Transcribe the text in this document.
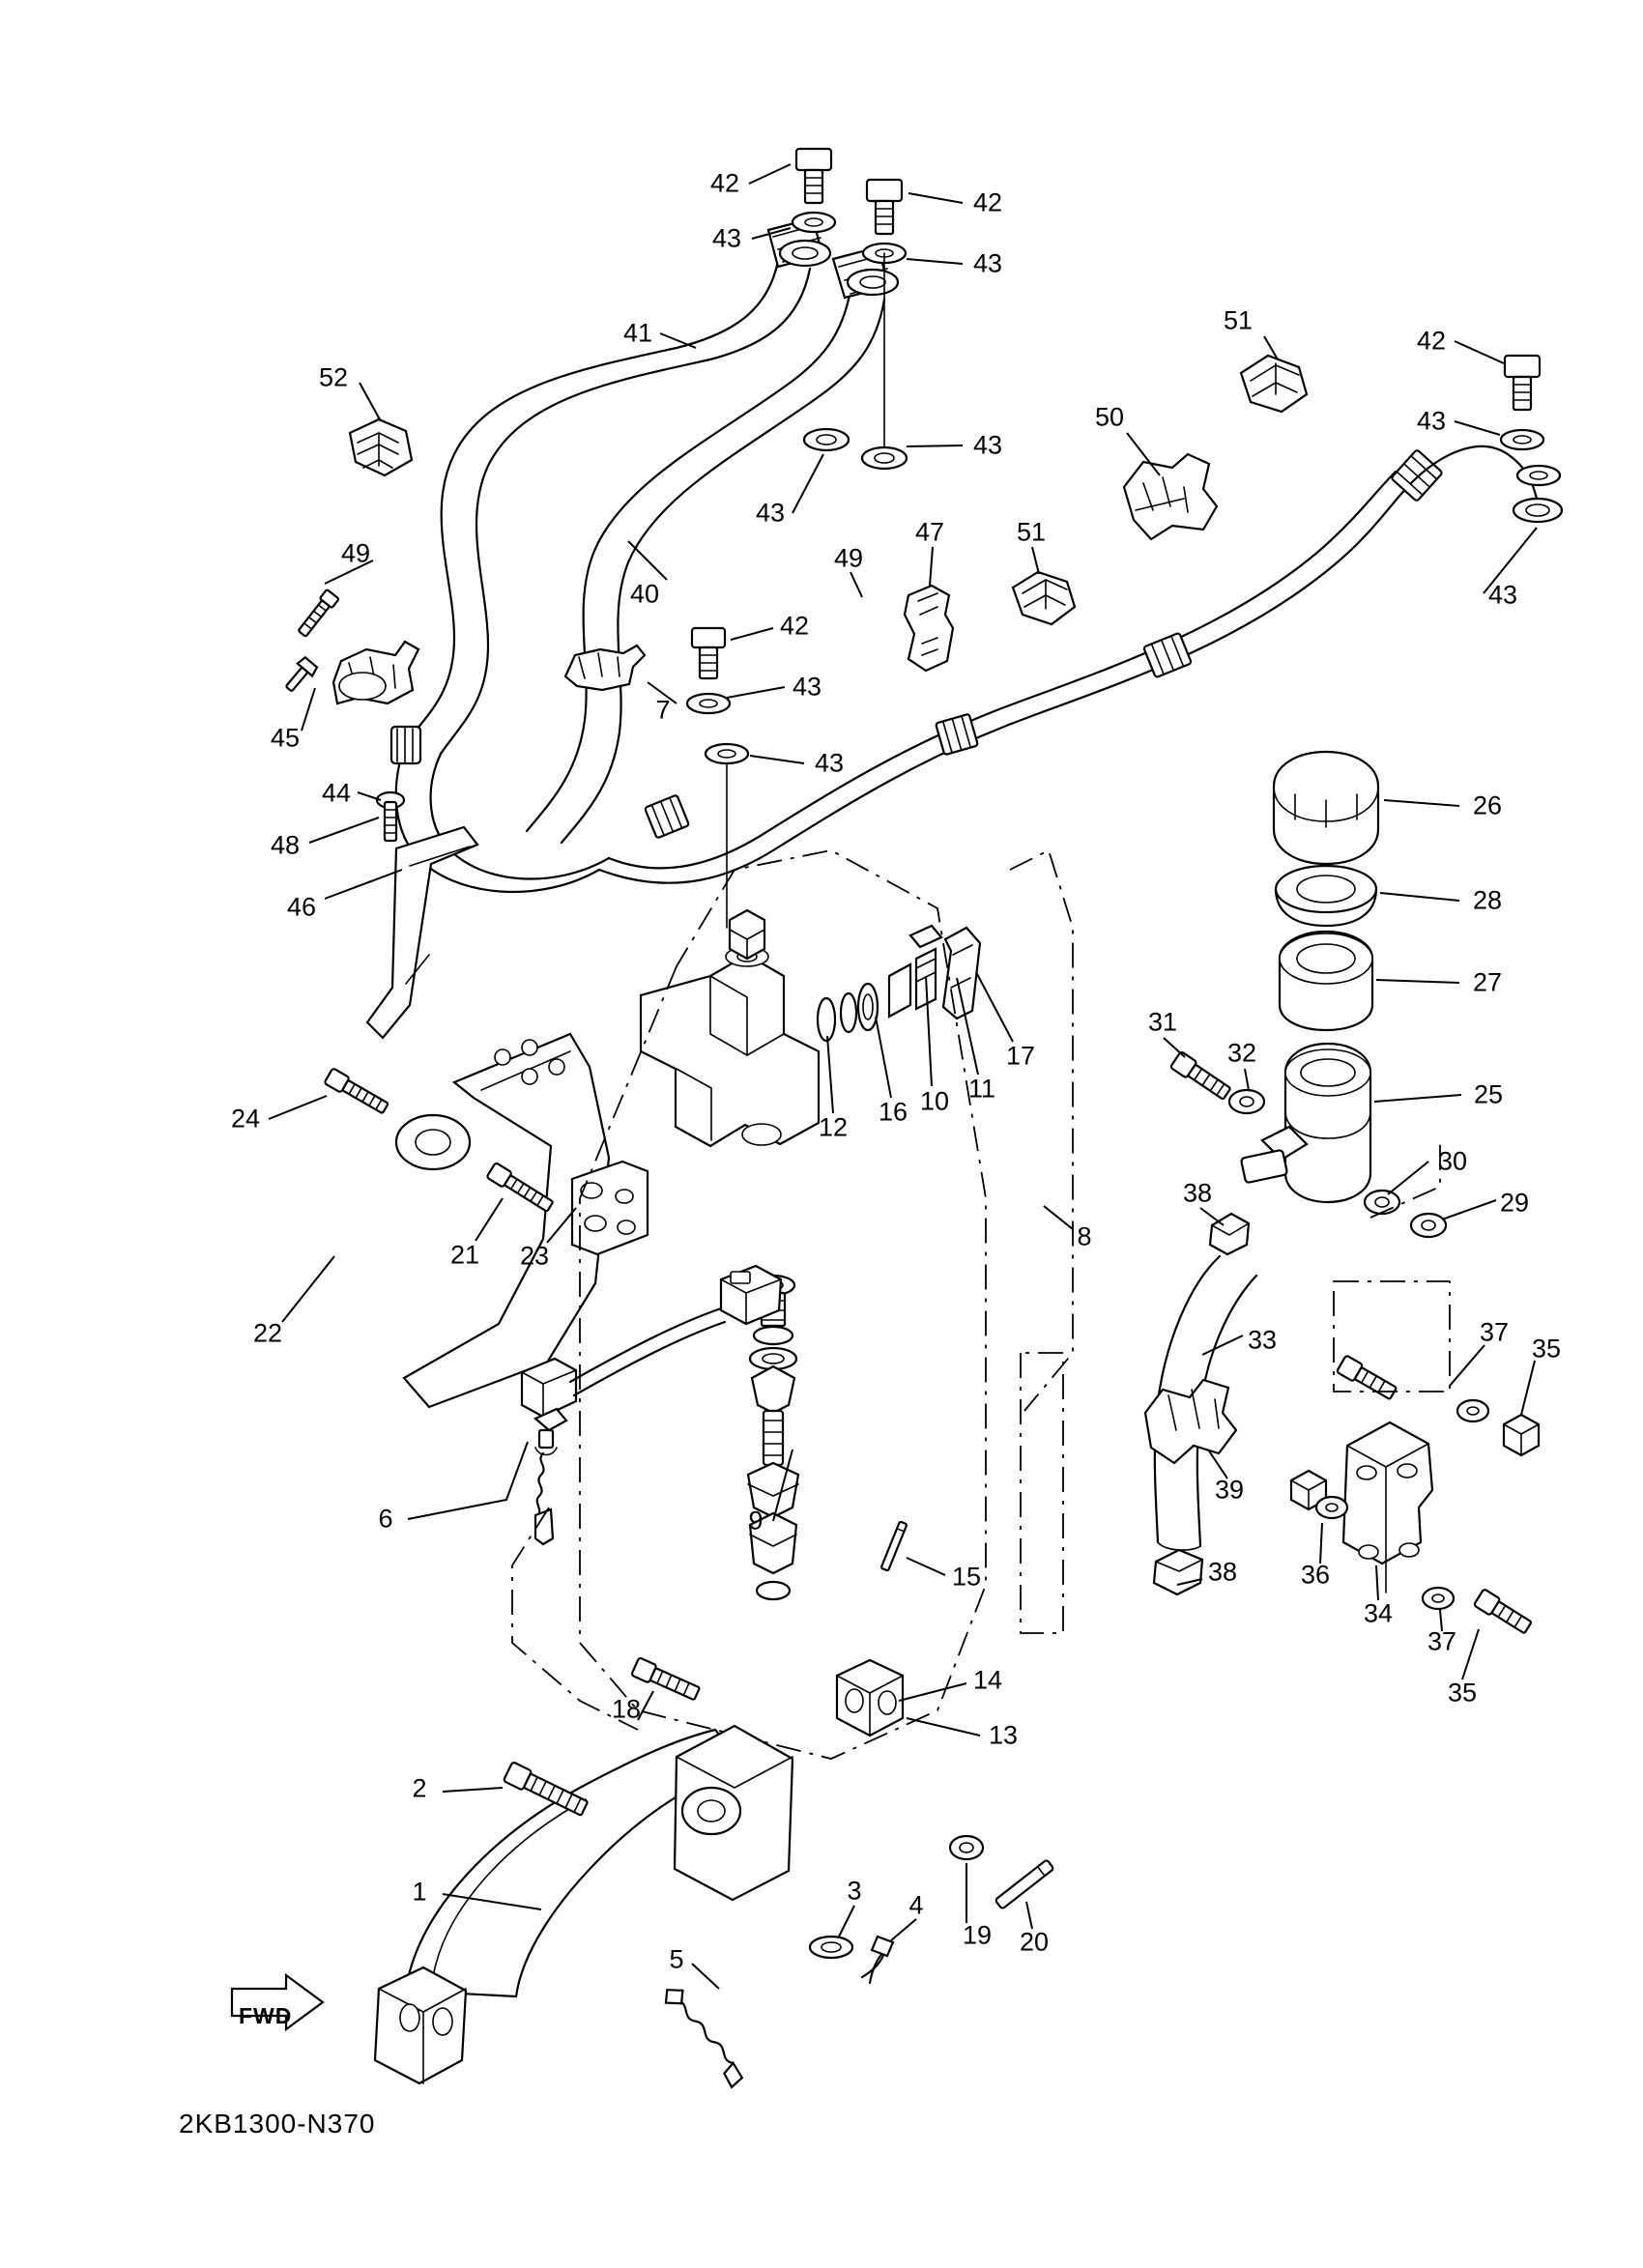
FWD
2KB1300-N370
42
42
43
43
41	51
42
52
50	43
43
43
40
47	51
49	49
43
42
7
43
45
43
44
48
46
26
28
27
31
32
25
30
29
38
17
11
10
16
12
8
24
21 23
22	33	37
35
9
39
36
34
37
35
6
15	38
14
13
18
2
1	3 4
5
19 20
